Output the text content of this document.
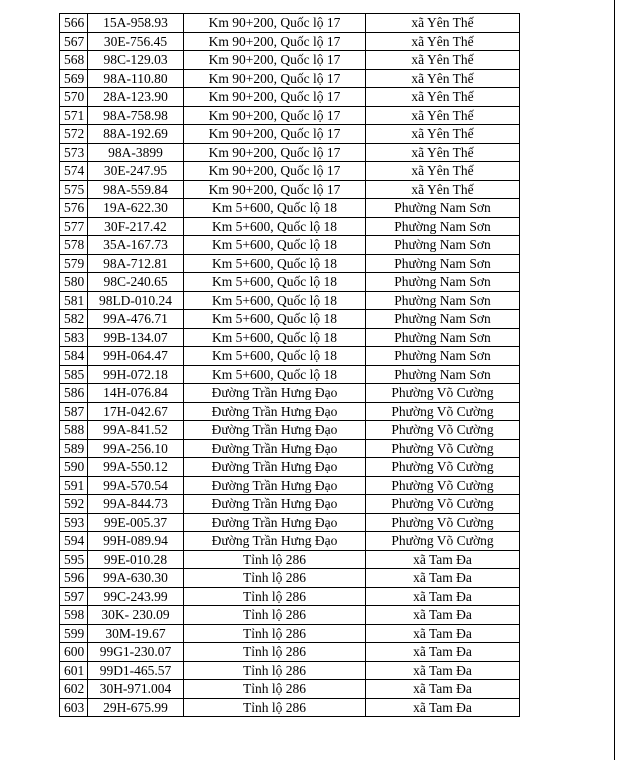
566	15A-958.93	Km 90+200, Quốc lộ 17	xã Yên Thế
567	30E-756.45	Km 90+200, Quốc lộ 17	xã Yên Thế
568	98C-129.03	Km 90+200, Quốc lộ 17	xã Yên Thế
569	98A-110.80	Km 90+200, Quốc lộ 17	xã Yên Thế
570	28A-123.90	Km 90+200, Quốc lộ 17	xã Yên Thế
571	98A-758.98	Km 90+200, Quốc lộ 17	xã Yên Thế
572	88A-192.69	Km 90+200, Quốc lộ 17	xã Yên Thế
573	98A-3899	Km 90+200, Quốc lộ 17	xã Yên Thế
574	30E-247.95	Km 90+200, Quốc lộ 17	xã Yên Thế
575	98A-559.84	Km 90+200, Quốc lộ 17	xã Yên Thế
576	19A-622.30	Km 5+600, Quốc lộ 18	Phường Nam Sơn
577	30F-217.42	Km 5+600, Quốc lộ 18	Phường Nam Sơn
578	35A-167.73	Km 5+600, Quốc lộ 18	Phường Nam Sơn
579	98A-712.81	Km 5+600, Quốc lộ 18	Phường Nam Sơn
580	98C-240.65	Km 5+600, Quốc lộ 18	Phường Nam Sơn
581	98LD-010.24	Km 5+600, Quốc lộ 18	Phường Nam Sơn
582	99A-476.71	Km 5+600, Quốc lộ 18	Phường Nam Sơn
583	99B-134.07	Km 5+600, Quốc lộ 18	Phường Nam Sơn
584	99H-064.47	Km 5+600, Quốc lộ 18	Phường Nam Sơn
585	99H-072.18	Km 5+600, Quốc lộ 18	Phường Nam Sơn
586	14H-076.84	Đường Trần Hưng Đạo	Phường Võ Cường
587	17H-042.67	Đường Trần Hưng Đạo	Phường Võ Cường
588	99A-841.52	Đường Trần Hưng Đạo	Phường Võ Cường
589	99A-256.10	Đường Trần Hưng Đạo	Phường Võ Cường
590	99A-550.12	Đường Trần Hưng Đạo	Phường Võ Cường
591	99A-570.54	Đường Trần Hưng Đạo	Phường Võ Cường
592	99A-844.73	Đường Trần Hưng Đạo	Phường Võ Cường
593	99E-005.37	Đường Trần Hưng Đạo	Phường Võ Cường
594	99H-089.94	Đường Trần Hưng Đạo	Phường Võ Cường
595	99E-010.28	Tỉnh lộ 286	xã Tam Đa
596	99A-630.30	Tỉnh lộ 286	xã Tam Đa
597	99C-243.99	Tỉnh lộ 286	xã Tam Đa
598	30K- 230.09	Tỉnh lộ 286	xã Tam Đa
599	30M-19.67	Tỉnh lộ 286	xã Tam Đa
600	99G1-230.07	Tỉnh lộ 286	xã Tam Đa
601	99D1-465.57	Tỉnh lộ 286	xã Tam Đa
602	30H-971.004	Tỉnh lộ 286	xã Tam Đa
603	29H-675.99	Tỉnh lộ 286	xã Tam Đa
